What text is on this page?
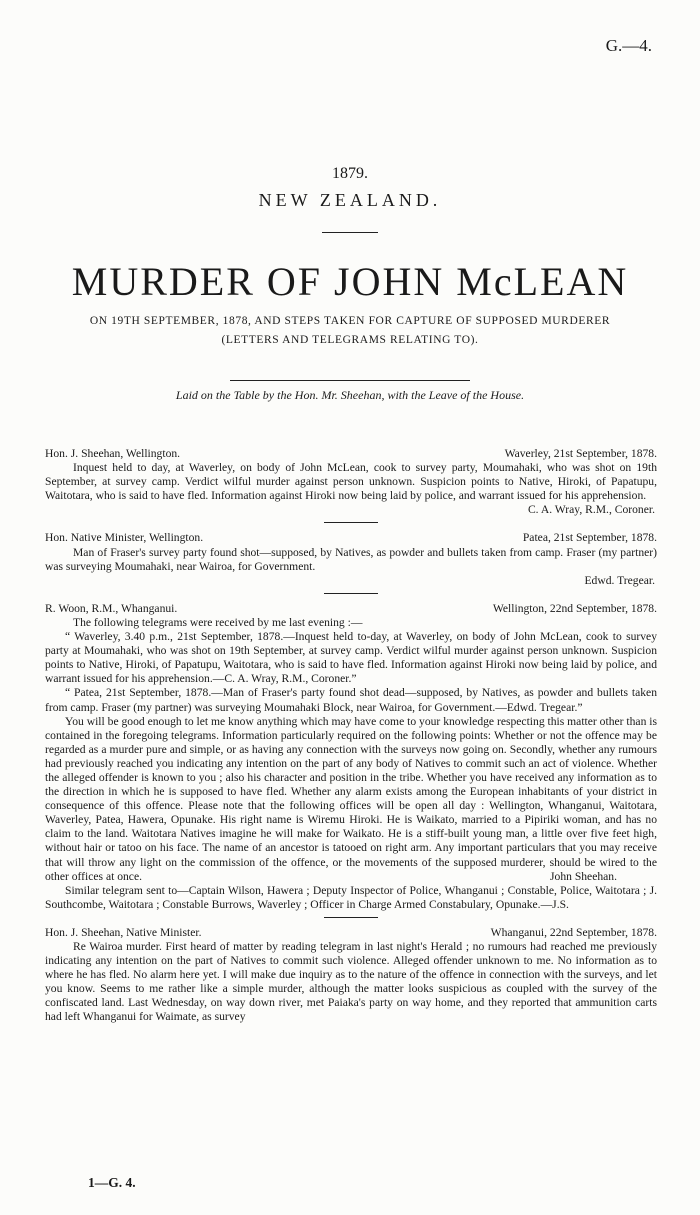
G.—4.
1879.
NEW ZEALAND.
MURDER OF JOHN McLEAN
ON 19TH SEPTEMBER, 1878, AND STEPS TAKEN FOR CAPTURE OF SUPPOSED MURDERER
(LETTERS AND TELEGRAMS RELATING TO).
Laid on the Table by the Hon. Mr. Sheehan, with the Leave of the House.
Hon. J. Sheehan, Wellington.	Waverley, 21st September, 1878.

Inquest held to day, at Waverley, on body of John McLean, cook to survey party, Moumahaki, who was shot on 19th September, at survey camp. Verdict wilful murder against person unknown. Suspicion points to Native, Hiroki, of Papatupu, Waitotara, who is said to have fled. Information against Hiroki now being laid by police, and warrant issued for his apprehension.

C. A. Wray, R.M., Coroner.

Hon. Native Minister, Wellington.	Patea, 21st September, 1878.

Man of Fraser's survey party found shot—supposed, by Natives, as powder and bullets taken from camp. Fraser (my partner) was surveying Moumahaki, near Wairoa, for Government.

Edwd. Tregear.

R. Woon, R.M., Whanganui.	Wellington, 22nd September, 1878.

The following telegrams were received by me last evening :—

“ Waverley, 3.40 p.m., 21st September, 1878.—Inquest held to-day, at Waverley, on body of John McLean, cook to survey party at Moumahaki, who was shot on 19th September, at survey camp. Verdict wilful murder against person unknown. Suspicion points to Native, Hiroki, of Papatupu, Waitotara, who is said to have fled. Information against Hiroki now being laid by police, and warrant issued for his apprehension.—C. A. Wray, R.M., Coroner.”

“ Patea, 21st September, 1878.—Man of Fraser's party found shot dead—supposed, by Natives, as powder and bullets taken from camp. Fraser (my partner) was surveying Moumahaki Block, near Wairoa, for Government.—Edwd. Tregear.”

You will be good enough to let me know anything which may have come to your knowledge respecting this matter other than is contained in the foregoing telegrams. Information particularly required on the following points: Whether or not the offence may be regarded as a murder pure and simple, or as having any connection with the surveys now going on. Secondly, whether any rumours had previously reached you indicating any intention on the part of any body of Natives to commit such an act of violence. Whether the alleged offender is known to you ; also his character and position in the tribe. Whether you have received any information as to the direction in which he is supposed to have fled. Whether any alarm exists among the European inhabitants of your district in consequence of this offence. Please note that the following offices will be open all day : Wellington, Whanganui, Waitotara, Waverley, Patea, Hawera, Opunake. His right name is Wiremu Hiroki. He is Waikato, married to a Pipiriki woman, and has no claim to the land. Waitotara Natives imagine he will make for Waikato. He is a stiff-built young man, a little over five feet high, without hair or tatoo on his face. The name of an ancestor is tatooed on right arm. Any important particulars that you may receive that will throw any light on the commission of the offence, or the movements of the supposed murderer, should be wired to the other offices at once.	John Sheehan.

Similar telegram sent to—Captain Wilson, Hawera ; Deputy Inspector of Police, Whanganui ; Constable, Police, Waitotara ; J. Southcombe, Waitotara ; Constable Burrows, Waverley ; Officer in Charge Armed Constabulary, Opunake.—J.S.

Hon. J. Sheehan, Native Minister.	Whanganui, 22nd September, 1878.

Re Wairoa murder. First heard of matter by reading telegram in last night's Herald ; no rumours had reached me previously indicating any intention on the part of Natives to commit such violence. Alleged offender unknown to me. No information as to where he has fled. No alarm here yet. I will make due inquiry as to the nature of the offence in connection with the surveys, and let you know. Seems to me rather like a simple murder, although the matter looks suspicious as coupled with the survey of the confiscated land. Last Wednesday, on way down river, met Paiaka's party on way home, and they reported that ammunition carts had left Whanganui for Waimate, as survey

1—G. 4.
